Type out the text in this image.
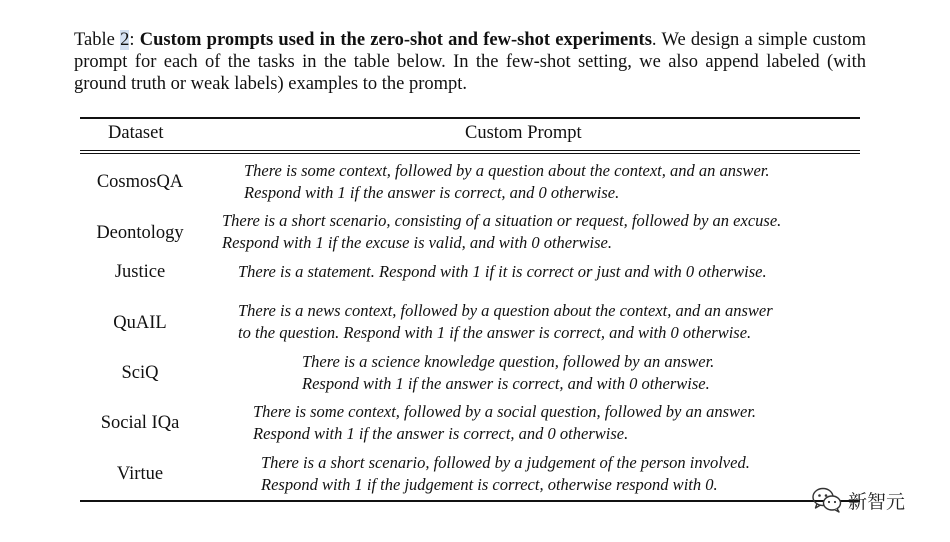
Table 2: Custom prompts used in the zero-shot and few-shot experiments. We design a simple custom prompt for each of the tasks in the table below. In the few-shot setting, we also append labeled (with ground truth or weak labels) examples to the prompt.
Dataset	Custom Prompt
CosmosQA
There is some context, followed by a question about the context, and an answer.
Respond with 1 if the answer is correct, and 0 otherwise.
Deontology
There is a short scenario, consisting of a situation or request, followed by an excuse.
Respond with 1 if the excuse is valid, and with 0 otherwise.
Justice	There is a statement. Respond with 1 if it is correct or just and with 0 otherwise.
QuAIL
There is a news context, followed by a question about the context, and an answer
to the question. Respond with 1 if the answer is correct, and with 0 otherwise.
SciQ
There is a science knowledge question, followed by an answer.
Respond with 1 if the answer is correct, and with 0 otherwise.
Social IQa
There is some context, followed by a social question, followed by an answer.
Respond with 1 if the answer is correct, and 0 otherwise.
Virtue
There is a short scenario, followed by a judgement of the person involved.
Respond with 1 if the judgement is correct, otherwise respond with 0.
新智元
